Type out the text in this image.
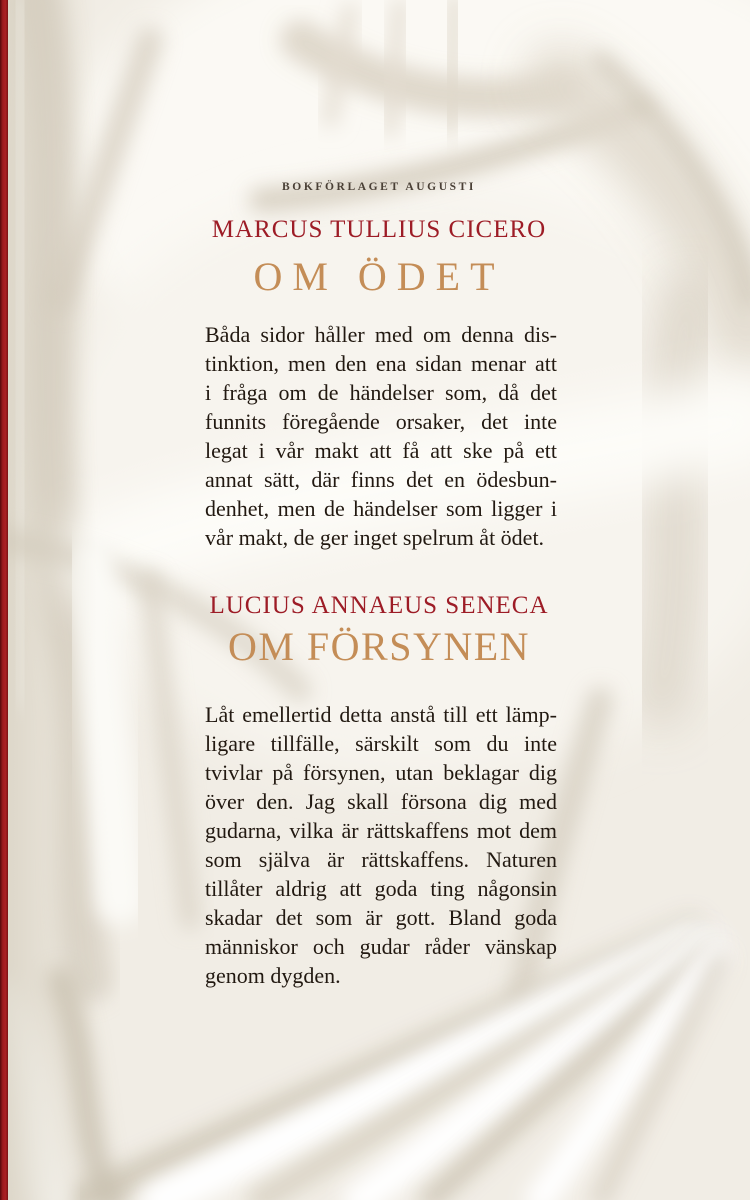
BOKFÖRLAGET AUGUSTI
MARCUS TULLIUS CICERO
OM ÖDET
Båda sidor håller med om denna dis-
tinktion, men den ena sidan menar att
i fråga om de händelser som, då det
funnits föregående orsaker, det inte
legat i vår makt att få att ske på ett
annat sätt, där finns det en ödesbun-
denhet, men de händelser som ligger i
vår makt, de ger inget spelrum åt ödet.
LUCIUS ANNAEUS SENECA
OM FÖRSYNEN
Låt emellertid detta anstå till ett lämp-
ligare tillfälle, särskilt som du inte
tvivlar på försynen, utan beklagar dig
över den. Jag skall försona dig med
gudarna, vilka är rättskaffens mot dem
som själva är rättskaffens. Naturen
tillåter aldrig att goda ting någonsin
skadar det som är gott. Bland goda
människor och gudar råder vänskap
genom dygden.
